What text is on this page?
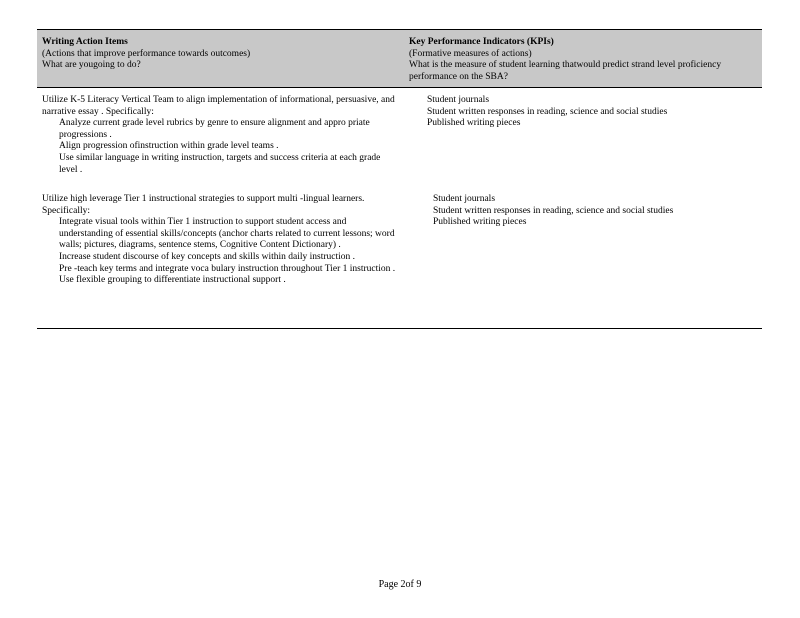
Writing Action Items
(Actions that improve performance towards outcomes)
What are yougoing to do?
Key Performance Indicators (KPIs)
(Formative measures of actions)
What is the measure of student learning thatwould predict strand level proficiency performance on the SBA?
Utilize K-5 Literacy Vertical Team to align implementation of informational, persuasive, and narrative essay . Specifically:
Analyze current grade level rubrics by genre to ensure alignment and appro priate progressions .
Align progression ofinstruction within grade level teams .
Use similar language in writing instruction, targets and success criteria at each grade level .
Student journals
Student written responses in reading, science and social studies
Published writing pieces
Utilize high leverage Tier 1 instructional strategies to support multi -lingual learners. Specifically:
Integrate visual tools within Tier 1 instruction to support student access and understanding of essential skills/concepts (anchor charts related to current lessons; word walls; pictures, diagrams, sentence stems, Cognitive Content Dictionary) .
Increase student discourse of key concepts and skills within daily instruction .
Pre -teach key terms and integrate voca bulary instruction throughout Tier 1 instruction .
Use flexible grouping to differentiate instructional support .
Student journals
Student written responses in reading, science and social studies
Published writing pieces
Page 2of 9
